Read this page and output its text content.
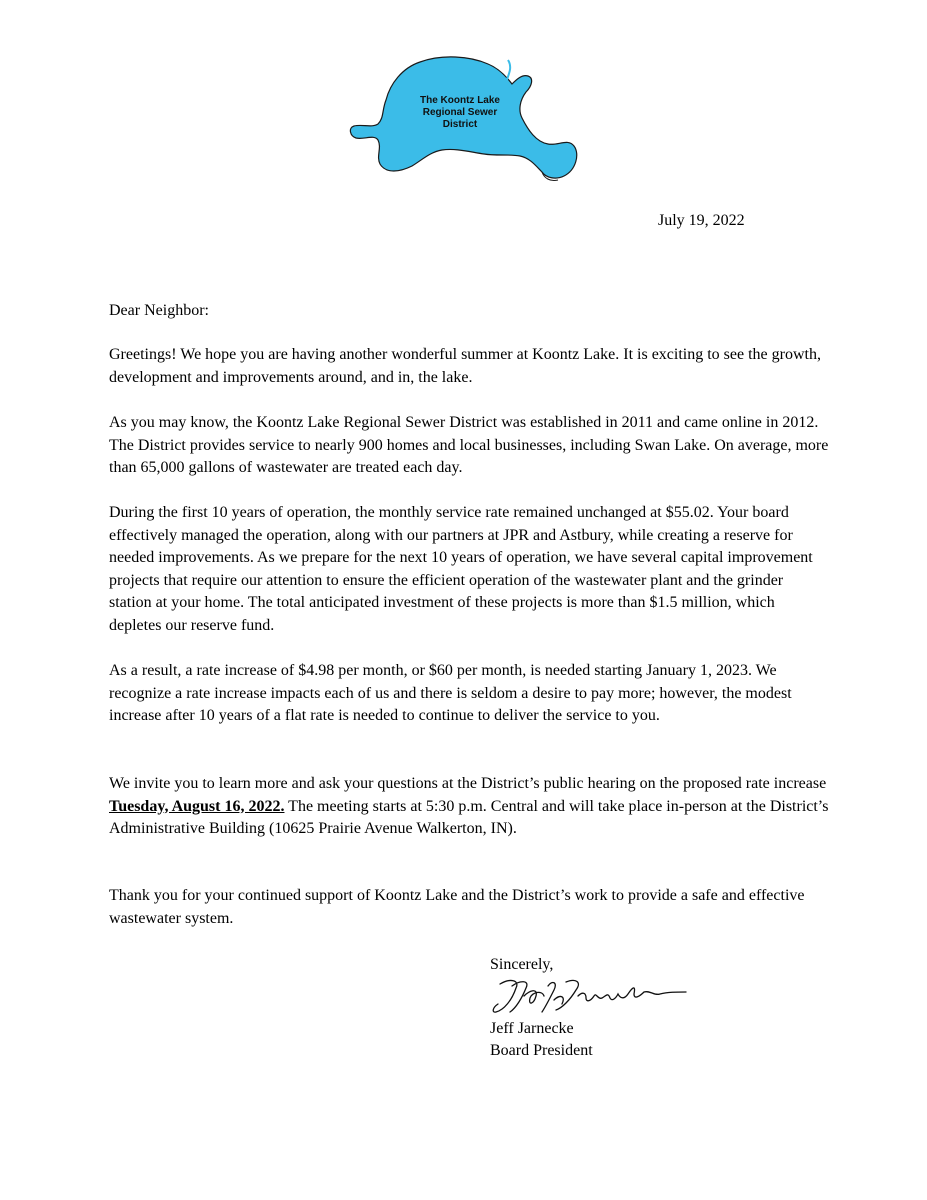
The Koontz Lake
Regional Sewer
District
July 19, 2022
Dear Neighbor:

Greetings! We hope you are having another wonderful summer at Koontz Lake. It is exciting to see the growth, development and improvements around, and in, the lake.

As you may know, the Koontz Lake Regional Sewer District was established in 2011 and came online in 2012. The District provides service to nearly 900 homes and local businesses, including Swan Lake. On average, more than 65,000 gallons of wastewater are treated each day.

During the first 10 years of operation, the monthly service rate remained unchanged at $55.02. Your board effectively managed the operation, along with our partners at JPR and Astbury, while creating a reserve for needed improvements. As we prepare for the next 10 years of operation, we have several capital improvement projects that require our attention to ensure the efficient operation of the wastewater plant and the grinder station at your home. The total anticipated investment of these projects is more than $1.5 million, which depletes our reserve fund.

As a result, a rate increase of $4.98 per month, or $60 per month, is needed starting January 1, 2023. We recognize a rate increase impacts each of us and there is seldom a desire to pay more; however, the modest increase after 10 years of a flat rate is needed to continue to deliver the service to you.

We invite you to learn more and ask your questions at the District’s public hearing on the proposed rate increase Tuesday, August 16, 2022. The meeting starts at 5:30 p.m. Central and will take place in-person at the District’s Administrative Building (10625 Prairie Avenue Walkerton, IN).

Thank you for your continued support of Koontz Lake and the District’s work to provide a safe and effective wastewater system.

Sincerely,
Jeff Jarnecke
Board President
